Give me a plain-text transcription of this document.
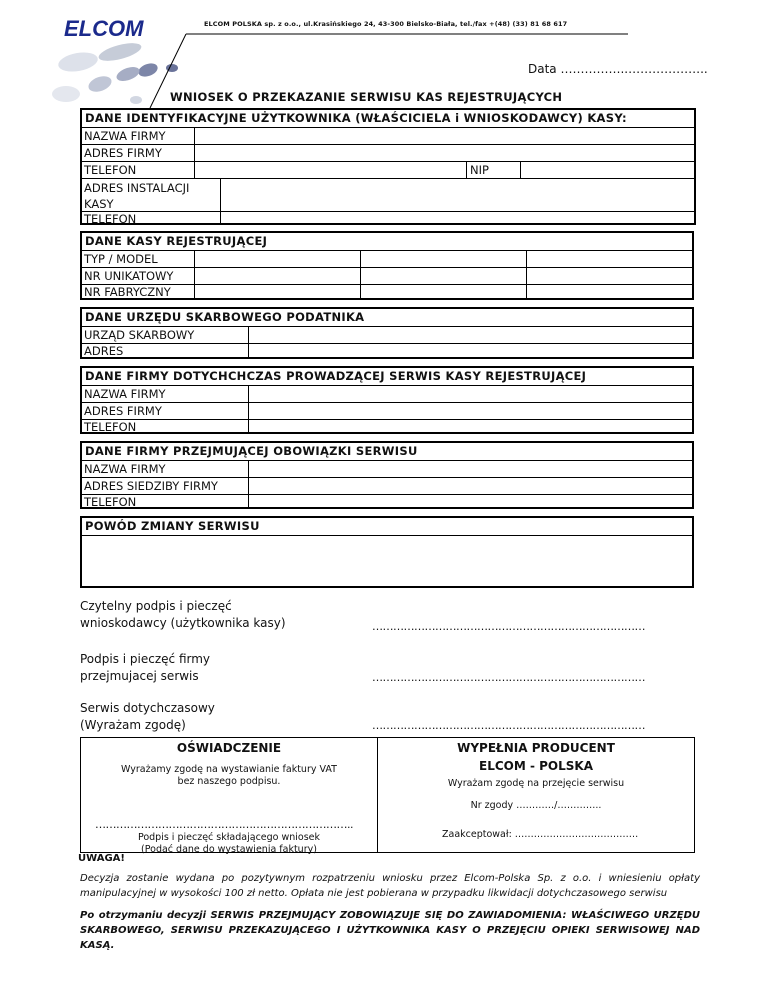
ELCOM	ELCOM POLSKA sp. z o.o., ul.Krasińskiego 24, 43-300 Bielsko-Biała, tel./fax +(48) (33) 81 68 617
Data ……………..………………..
WNIOSEK O PRZEKAZANIE SERWISU KAS REJESTRUJĄCYCH
DANE IDENTYFIKACYJNE UŻYTKOWNIKA (WŁAŚCICIELA i WNIOSKODAWCY) KASY:
NAZWA FIRMY
ADRES FIRMY
TELEFON	NIP
ADRES INSTALACJI
KASY
TELEFON
DANE KASY REJESTRUJĄCEJ
TYP / MODEL
NR UNIKATOWY
NR FABRYCZNY
DANE URZĘDU SKARBOWEGO PODATNIKA
URZĄD SKARBOWY
ADRES
DANE FIRMY DOTYCHCHCZAS PROWADZĄCEJ SERWIS KASY REJESTRUJĄCEJ
NAZWA FIRMY
ADRES FIRMY
TELEFON
DANE FIRMY PRZEJMUJĄCEJ OBOWIĄZKI SERWISU
NAZWA FIRMY
ADRES SIEDZIBY FIRMY
TELEFON
POWÓD ZMIANY SERWISU
Czytelny podpis i pieczęć
wnioskodawcy (użytkownika kasy)	……………………………………………………………………
Podpis i pieczęć firmy
przejmujacej serwis	……………………………………………………………………
Serwis dotychczasowy
(Wyrażam zgodę)	……………………………………………………………………
OŚWIADCZENIE
Wyrażamy zgodę na wystawianie faktury VAT
bez naszego podpisu.
………………………………………………………………..
Podpis i pieczęć składającego wniosek
(Podać dane do wystawienia faktury)
WYPEŁNIA PRODUCENT
ELCOM - POLSKA
Wyrażam zgodę na przejęcie serwisu
Nr zgody …………/…………..
Zaakceptował: …………………………………
UWAGA!
Decyzja zostanie wydana po pozytywnym rozpatrzeniu wniosku przez Elcom-Polska Sp. z o.o. i wniesieniu opłaty manipulacyjnej w wysokości 100 zł netto. Opłata nie jest pobierana w przypadku likwidacji dotychczasowego serwisu
Po otrzymaniu decyzji SERWIS PRZEJMUJĄCY ZOBOWIĄZUJE SIĘ DO ZAWIADOMIENIA: WŁAŚCIWEGO URZĘDU SKARBOWEGO, SERWISU PRZEKAZUJĄCEGO I UŻYTKOWNIKA KASY O PRZEJĘCIU OPIEKI SERWISOWEJ NAD KASĄ.
